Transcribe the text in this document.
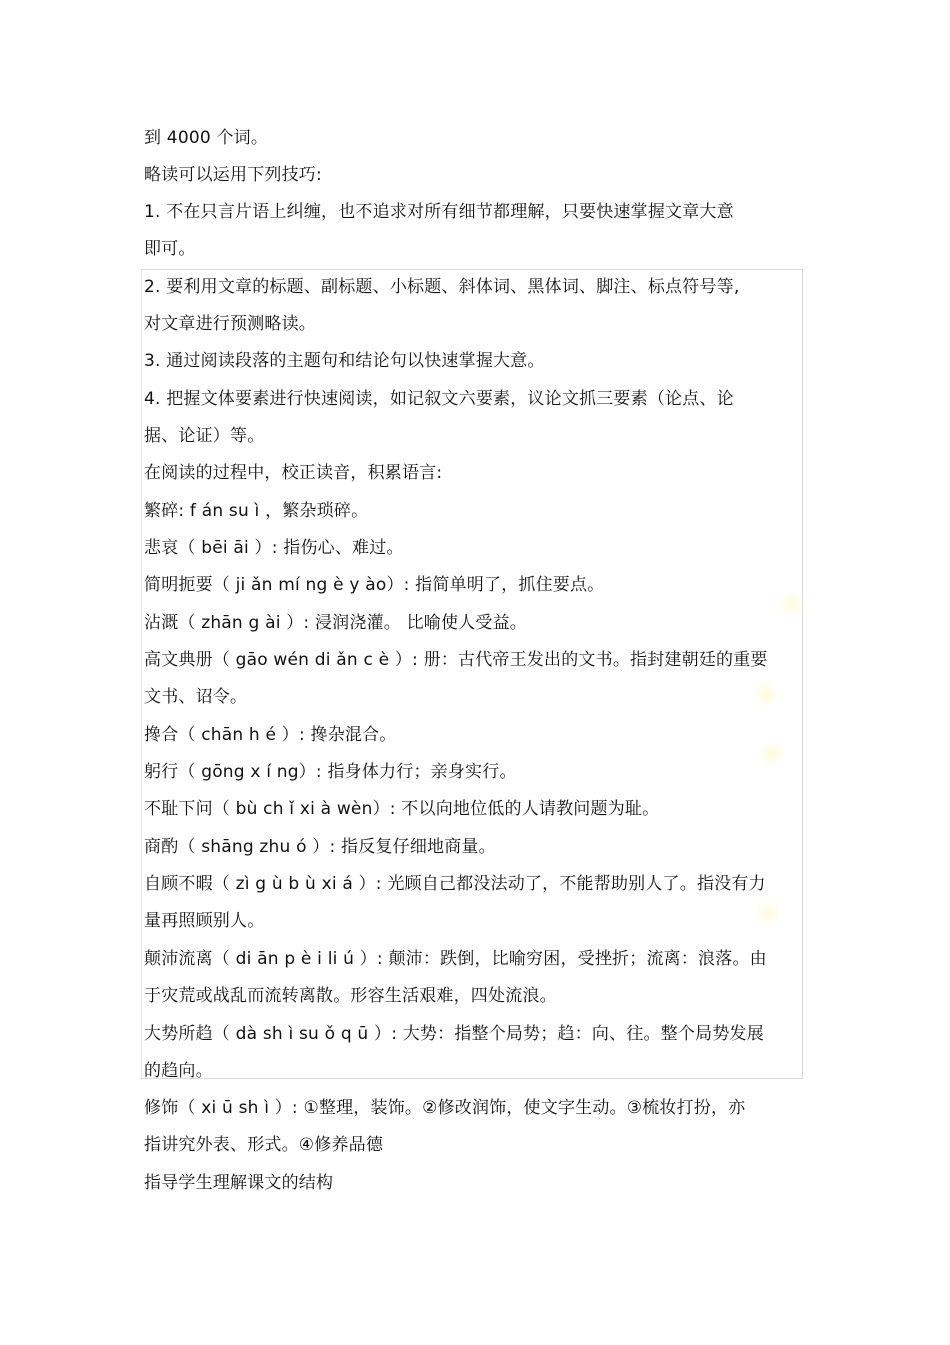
到 4000 个词。
略读可以运用下列技巧:
1. 不在只言片语上纠缠，也不追求对所有细节都理解，只要快速掌握文章大意
即可。
2. 要利用文章的标题、副标题、小标题、斜体词、黑体词、脚注、标点符号等,
对文章进行预测略读。
3. 通过阅读段落的主题句和结论句以快速掌握大意。
4. 把握文体要素进行快速阅读，如记叙文六要素，议论文抓三要素（论点、论
据、论证）等。
在阅读的过程中，校正读音，积累语言:
繁碎: f án su ì ，繁杂琐碎。
悲哀（ bēi āi ）: 指伤心、难过。
简明扼要（ ji ǎn mí ng è y ào）: 指简单明了，抓住要点。
沾溉（ zhān g ài ）: 浸润浇灌。 比喻使人受益。
高文典册（ gāo wén di ǎn c è ）: 册：古代帝王发出的文书。指封建朝廷的重要
文书、诏令。
搀合（ chān h é ）: 搀杂混合。
躬行（ gōng x í ng）: 指身体力行；亲身实行。
不耻下问（ bù ch ǐ xi à wèn）: 不以向地位低的人请教问题为耻。
商酌（ shāng zhu ó ）: 指反复仔细地商量。
自顾不暇（ zì g ù b ù xi á ）: 光顾自己都没法动了，不能帮助别人了。指没有力
量再照顾别人。
颠沛流离（ di ān p è i li ú ）: 颠沛：跌倒，比喻穷困，受挫折；流离：浪落。由
于灾荒或战乱而流转离散。形容生活艰难，四处流浪。
大势所趋（ dà sh ì su ǒ q ū ）: 大势：指整个局势；趋：向、往。整个局势发展
的趋向。
修饰（ xi ū sh ì ）: ①整理，装饰。②修改润饰，使文字生动。③梳妆打扮，亦
指讲究外表、形式。④修养品德
指导学生理解课文的结构
